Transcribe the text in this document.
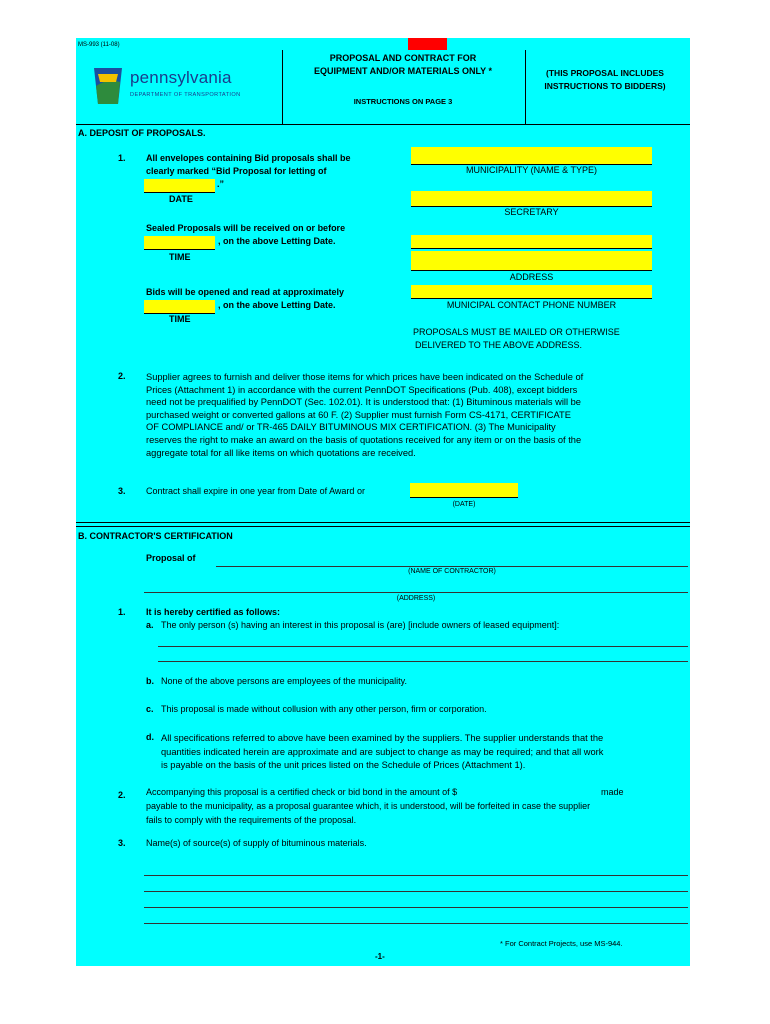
MS-993 (11-08)
pennsylvania
DEPARTMENT OF TRANSPORTATION
PROPOSAL AND CONTRACT FOR
EQUIPMENT AND/OR MATERIALS ONLY *
INSTRUCTIONS ON PAGE 3
(THIS PROPOSAL INCLUDES
INSTRUCTIONS TO BIDDERS)
A. DEPOSIT OF PROPOSALS.
1. All envelopes containing Bid proposals shall be
clearly marked “Bid Proposal for letting of
.”
DATE
Sealed Proposals will be received on or before
, on the above Letting Date.
TIME
Bids will be opened and read at approximately
, on the above Letting Date.
TIME
MUNICIPALITY (NAME & TYPE)
SECRETARY
ADDRESS
MUNICIPAL CONTACT PHONE NUMBER
PROPOSALS MUST BE MAILED OR OTHERWISE
DELIVERED TO THE ABOVE ADDRESS.
2. Supplier agrees to furnish and deliver those items for which prices have been indicated on the Schedule of
Prices (Attachment 1) in accordance with the current PennDOT Specifications (Pub. 408), except bidders
need not be prequalified by PennDOT (Sec. 102.01). It is understood that: (1) Bituminous materials will be
purchased weight or converted gallons at 60 F. (2) Supplier must furnish Form CS-4171, CERTIFICATE
OF COMPLIANCE and/ or TR-465 DAILY BITUMINOUS MIX CERTIFICATION. (3) The Municipality
reserves the right to make an award on the basis of quotations received for any item or on the basis of the
aggregate total for all like items on which quotations are received.
3. Contract shall expire in one year from Date of Award or
(DATE)
B. CONTRACTOR'S CERTIFICATION
Proposal of
(NAME OF CONTRACTOR)
(ADDRESS)
1. It is hereby certified as follows:
a. The only person (s) having an interest in this proposal is (are) [include owners of leased equipment]:
b. None of the above persons are employees of the municipality.
c. This proposal is made without collusion with any other person, firm or corporation.
d. All specifications referred to above have been examined by the suppliers. The supplier understands that the
quantities indicated herein are approximate and are subject to change as may be required; and that all work
is payable on the basis of the unit prices listed on the Schedule of Prices (Attachment 1).
2. Accompanying this proposal is a certified check or bid bond in the amount of $	made
payable to the municipality, as a proposal guarantee which, it is understood, will be forfeited in case the supplier
fails to comply with the requirements of the proposal.
3. Name(s) of source(s) of supply of bituminous materials.
* For Contract Projects, use MS-944.
-1-
